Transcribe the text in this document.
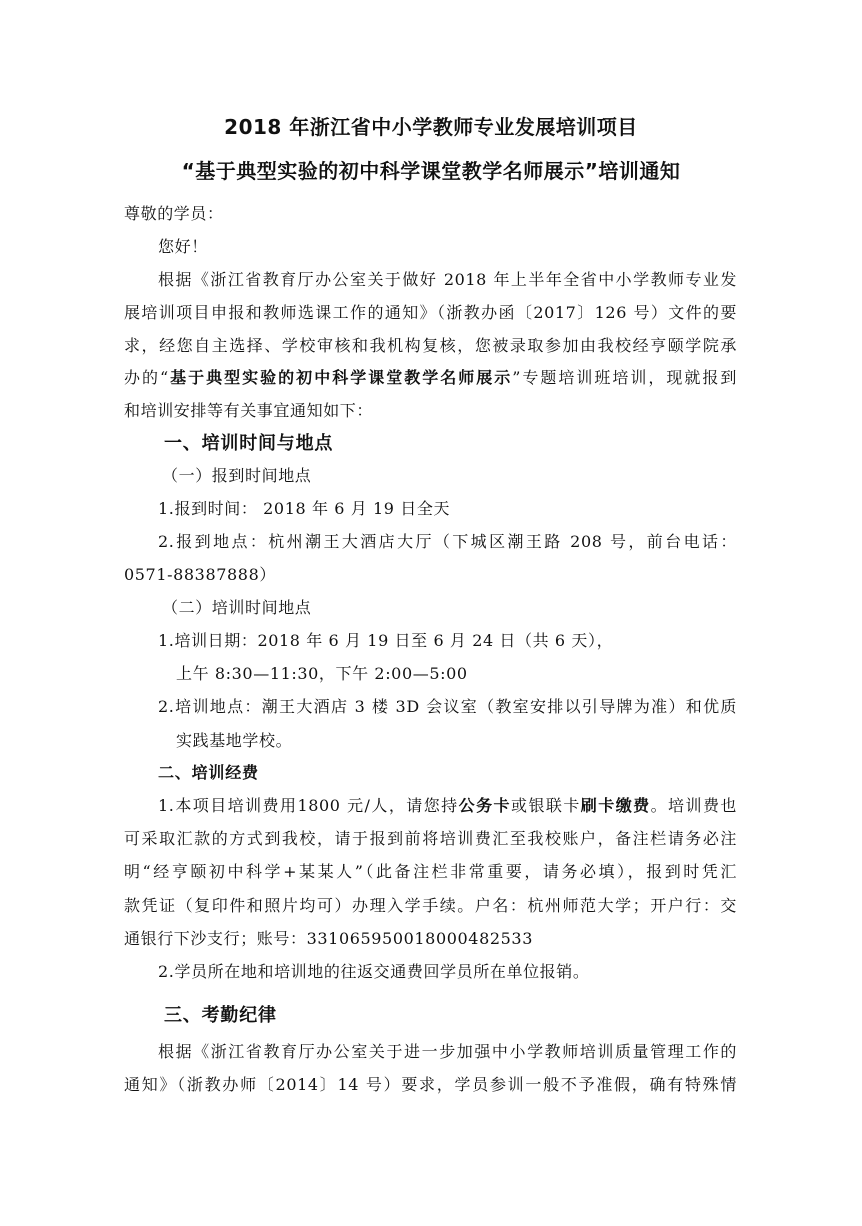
2018 年浙江省中小学教师专业发展培训项目
“基于典型实验的初中科学课堂教学名师展示”培训通知
尊敬的学员：
您好！
根据《浙江省教育厅办公室关于做好 2018 年上半年全省中小学教师专业发
展培训项目申报和教师选课工作的通知》（浙教办函〔2017〕126 号）文件的要
求，经您自主选择、学校审核和我机构复核，您被录取参加由我校经亨颐学院承
办的“基于典型实验的初中科学课堂教学名师展示”专题培训班培训，现就报到
和培训安排等有关事宜通知如下：
一、培训时间与地点
（一）报到时间地点
1.报到时间： 2018 年 6 月 19 日全天
2.报到地点：杭州潮王大酒店大厅（下城区潮王路 208 号，前台电话：
0571-88387888）
（二）培训时间地点
1.培训日期：2018 年 6 月 19 日至 6 月 24 日（共 6 天），
上午 8:30—11:30，下午 2:00—5:00
2.培训地点：潮王大酒店 3 楼 3D 会议室（教室安排以引导牌为准）和优质
实践基地学校。
二、培训经费
1.本项目培训费用1800 元/人，请您持公务卡或银联卡刷卡缴费。培训费也
可采取汇款的方式到我校，请于报到前将培训费汇至我校账户，备注栏请务必注
明“经亨颐初中科学+某某人”（此备注栏非常重要，请务必填），报到时凭汇
款凭证（复印件和照片均可）办理入学手续。户名：杭州师范大学；开户行：交
通银行下沙支行；账号：331065950018000482533
2.学员所在地和培训地的往返交通费回学员所在单位报销。
三、考勤纪律
根据《浙江省教育厅办公室关于进一步加强中小学教师培训质量管理工作的
通知》（浙教办师〔2014〕14 号）要求，学员参训一般不予准假，确有特殊情
